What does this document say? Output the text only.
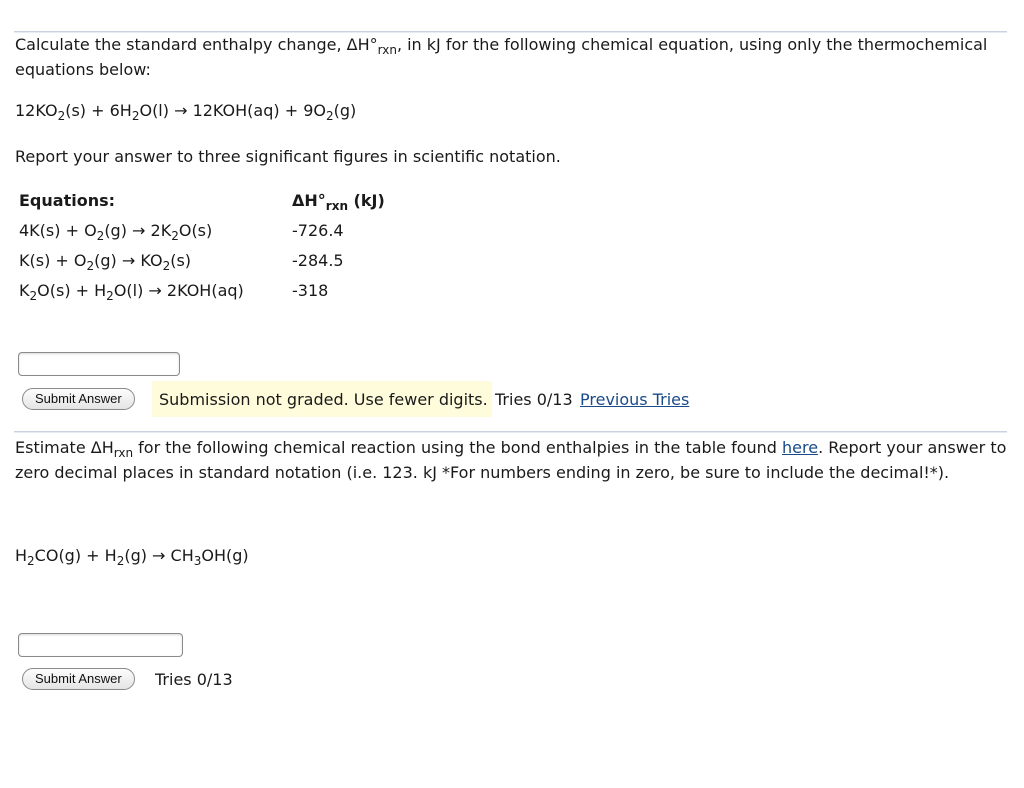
Calculate the standard enthalpy change, $\Delta H^\circ_{rxn}$, in kJ for the following chemical equation, using only the thermochemical
equations below:
$12KO_2(s) + 6H_2O(l) \to 12KOH(aq) + 9O_2(g)$
Report your answer to three significant figures in scientific notation.
Equations:	$\Delta H^\circ_{rxn}$ (kJ)
$4K(s) + O_2(g) \to 2K_2O(s)$	-726.4
$K(s) + O_2(g) \to KO_2(s)$	-284.5
$K_2O(s) + H_2O(l) \to 2KOH(aq)$	-318
Submit Answer	Submission not graded. Use fewer digits. Tries 0/13 Previous Tries
Estimate $\Delta H_{rxn}$ for the following chemical reaction using the bond enthalpies in the table found here. Report your answer to zero decimal places in standard notation (i.e. 123. kJ *For numbers ending in zero, be sure to include the decimal!*).
$H_2CO(g) + H_2(g) \to CH_3OH(g)$
Submit Answer	Tries 0/13
